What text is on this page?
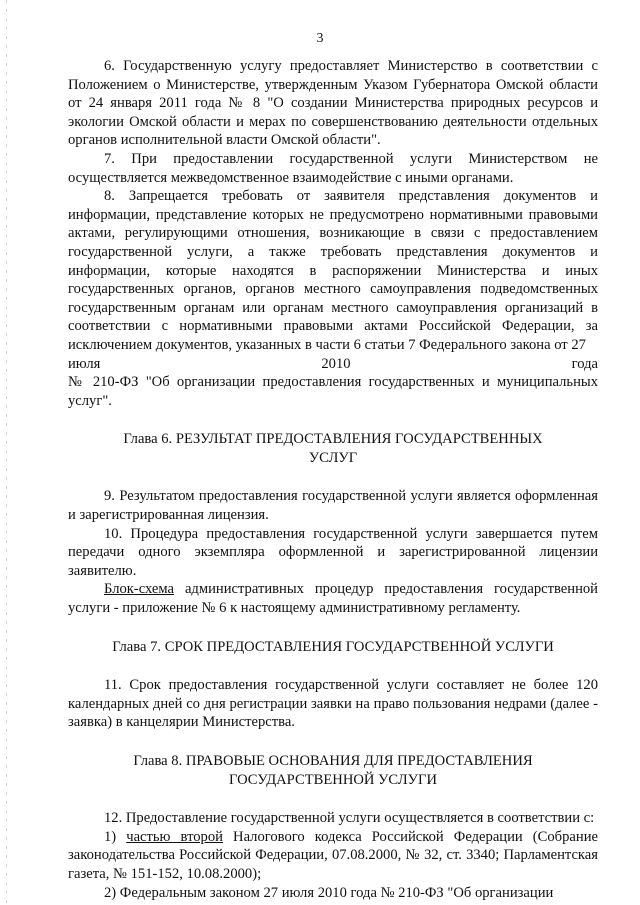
3

6. Государственную услугу предоставляет Министерство в соответствии с Положением о Министерстве, утвержденным Указом Губернатора Омской области от 24 января 2011 года № 8 "О создании Министерства природных ресурсов и экологии Омской области и мерах по совершенствованию деятельности отдельных органов исполнительной власти Омской области".

7. При предоставлении государственной услуги Министерством не осуществляется межведомственное взаимодействие с иными органами.

8. Запрещается требовать от заявителя представления документов и информации, представление которых не предусмотрено нормативными правовыми актами, регулирующими отношения, возникающие в связи с предоставлением государственной услуги, а также требовать представления документов и информации, которые находятся в распоряжении Министерства и иных государственных органов, органов местного самоуправления подведомственных государственным органам или органам местного самоуправления организаций в соответствии с нормативными правовыми актами Российской Федерации, за исключением документов, указанных в части 6 статьи 7 Федерального закона от 27

июля	2010	года

№ 210-ФЗ "Об организации предоставления государственных и муниципальных услуг".

Глава 6. РЕЗУЛЬТАТ ПРЕДОСТАВЛЕНИЯ ГОСУДАРСТВЕННЫХ УСЛУГ

9. Результатом предоставления государственной услуги является оформленная и зарегистрированная лицензия.

10. Процедура предоставления государственной услуги завершается путем передачи одного экземпляра оформленной и зарегистрированной лицензии заявителю.

Блок-схема административных процедур предоставления государственной услуги - приложение № 6 к настоящему административному регламенту.

Глава 7. СРОК ПРЕДОСТАВЛЕНИЯ ГОСУДАРСТВЕННОЙ УСЛУГИ

11. Срок предоставления государственной услуги составляет не более 120 календарных дней со дня регистрации заявки на право пользования недрами (далее - заявка) в канцелярии Министерства.

Глава 8. ПРАВОВЫЕ ОСНОВАНИЯ ДЛЯ ПРЕДОСТАВЛЕНИЯ ГОСУДАРСТВЕННОЙ УСЛУГИ

12. Предоставление государственной услуги осуществляется в соответствии с:

1) частью второй Налогового кодекса Российской Федерации (Собрание законодательства Российской Федерации, 07.08.2000, № 32, ст. 3340; Парламентская газета, № 151-152, 10.08.2000);

2) Федеральным законом 27 июля 2010 года № 210-ФЗ "Об организации
